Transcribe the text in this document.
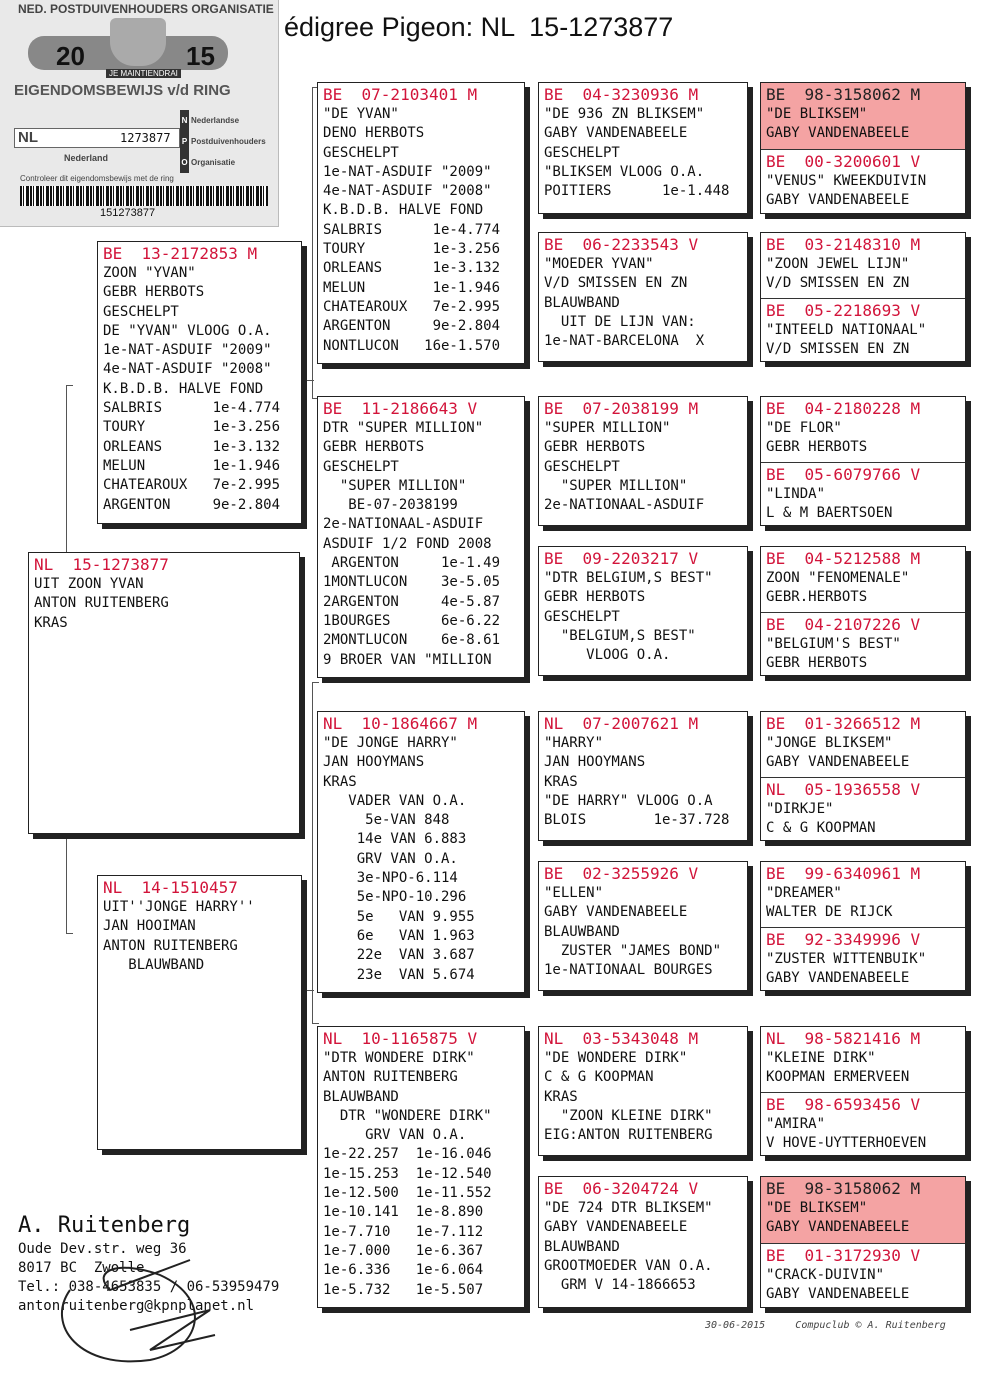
NED. POSTDUIVENHOUDERS ORGANISATIE
20	15
JE MAINTIENDRAI
EIGENDOMSBEWIJS v/d RING
NL	1273877
Nederland
N Nederlandse
P Postduivenhouders
O Organisatie
Controleer dit eigendomsbewijs met de ring
151273877
édigree Pigeon: NL  15-1273877
NL  15-1273877
UIT ZOON YVAN
ANTON RUITENBERG
KRAS
BE  13-2172853 M
ZOON "YVAN"
GEBR HERBOTS
GESCHELPT
DE "YVAN" VLOOG O.A.
1e-NAT-ASDUIF "2009"
4e-NAT-ASDUIF "2008"
K.B.D.B. HALVE FOND
SALBRIS      1e-4.774
TOURY        1e-3.256
ORLEANS      1e-3.132
MELUN        1e-1.946
CHATEAROUX   7e-2.995
ARGENTON     9e-2.804
NL  14-1510457
UIT''JONGE HARRY''
JAN HOOIMAN
ANTON RUITENBERG
BLAUWBAND
BE  07-2103401 M
"DE YVAN"
DENO HERBOTS
GESCHELPT
1e-NAT-ASDUIF "2009"
4e-NAT-ASDUIF "2008"
K.B.D.B. HALVE FOND
SALBRIS      1e-4.774
TOURY        1e-3.256
ORLEANS      1e-3.132
MELUN        1e-1.946
CHATEAROUX   7e-2.995
ARGENTON     9e-2.804
NONTLUCON   16e-1.570
BE  11-2186643 V
DTR "SUPER MILLION"
GEBR HERBOTS
GESCHELPT
"SUPER MILLION"
BE-07-2038199
2e-NATIONAAL-ASDUIF
ASDUIF 1/2 FOND 2008
ARGENTON     1e-1.49
1MONTLUCON    3e-5.05
2ARGENTON     4e-5.87
1BOURGES      6e-6.22
2MONTLUCON    6e-8.61
9 BROER VAN "MILLION
NL  10-1864667 M
"DE JONGE HARRY"
JAN HOOYMANS
KRAS
VADER VAN O.A.
5e-VAN 848
14e VAN 6.883
GRV VAN O.A.
3e-NPO-6.114
5e-NPO-10.296
5e   VAN 9.955
6e   VAN 1.963
22e  VAN 3.687
23e  VAN 5.674
NL  10-1165875 V
"DTR WONDERE DIRK"
ANTON RUITENBERG
BLAUWBAND
DTR "WONDERE DIRK"
GRV VAN O.A.
1e-22.257  1e-16.046
1e-15.253  1e-12.540
1e-12.500  1e-11.552
1e-10.141  1e-8.890
1e-7.710   1e-7.112
1e-7.000   1e-6.367
1e-6.336   1e-6.064
1e-5.732   1e-5.507
BE  04-3230936 M
"DE 936 ZN BLIKSEM"
GABY VANDENABEELE
GESCHELPT
"BLIKSEM VLOOG O.A.
POITIERS      1e-1.448
BE  06-2233543 V
"MOEDER YVAN"
V/D SMISSEN EN ZN
BLAUWBAND
UIT DE LIJN VAN:
1e-NAT-BARCELONA  X
BE  07-2038199 M
"SUPER MILLION"
GEBR HERBOTS
GESCHELPT
"SUPER MILLION"
2e-NATIONAAL-ASDUIF
BE  09-2203217 V
"DTR BELGIUM,S BEST"
GEBR HERBOTS
GESCHELPT
"BELGIUM,S BEST"
VLOOG O.A.
NL  07-2007621 M
"HARRY"
JAN HOOYMANS
KRAS
"DE HARRY" VLOOG O.A
BLOIS        1e-37.728
BE  02-3255926 V
"ELLEN"
GABY VANDENABEELE
BLAUWBAND
ZUSTER "JAMES BOND"
1e-NATIONAAL BOURGES
NL  03-5343048 M
"DE WONDERE DIRK"
C & G KOOPMAN
KRAS
"ZOON KLEINE DIRK"
EIG:ANTON RUITENBERG
BE  06-3204724 V
"DE 724 DTR BLIKSEM"
GABY VANDENABEELE
BLAUWBAND
GROOTMOEDER VAN O.A.
GRM V 14-1866653
BE  98-3158062 M
"DE BLIKSEM"
GABY VANDENABEELE
BE  00-3200601 V
"VENUS" KWEEKDUIVIN
GABY VANDENABEELE
BE  03-2148310 M
"ZOON JEWEL LIJN"
V/D SMISSEN EN ZN
BE  05-2218693 V
"INTEELD NATIONAAL"
V/D SMISSEN EN ZN
BE  04-2180228 M
"DE FLOR"
GEBR HERBOTS
BE  05-6079766 V
"LINDA"
L & M BAERTSOEN
BE  04-5212588 M
ZOON "FENOMENALE"
GEBR.HERBOTS
BE  04-2107226 V
"BELGIUM'S BEST"
GEBR HERBOTS
BE  01-3266512 M
"JONGE BLIKSEM"
GABY VANDENABEELE
NL  05-1936558 V
"DIRKJE"
C & G KOOPMAN
BE  99-6340961 M
"DREAMER"
WALTER DE RIJCK
BE  92-3349996 V
"ZUSTER WITTENBUIK"
GABY VANDENABEELE
NL  98-5821416 M
"KLEINE DIRK"
KOOPMAN ERMERVEEN
BE  98-6593456 V
"AMIRA"
V HOVE-UYTTERHOEVEN
BE  98-3158062 M
"DE BLIKSEM"
GABY VANDENABEELE
BE  01-3172930 V
"CRACK-DUIVIN"
GABY VANDENABEELE
A. Ruitenberg
Oude Dev.str. weg 36
8017 BC  Zwolle
Tel.: 038-4653835 / 06-53959479
antonruitenberg@kpnplanet.nl
30-06-2015     Compuclub © A. Ruitenberg
